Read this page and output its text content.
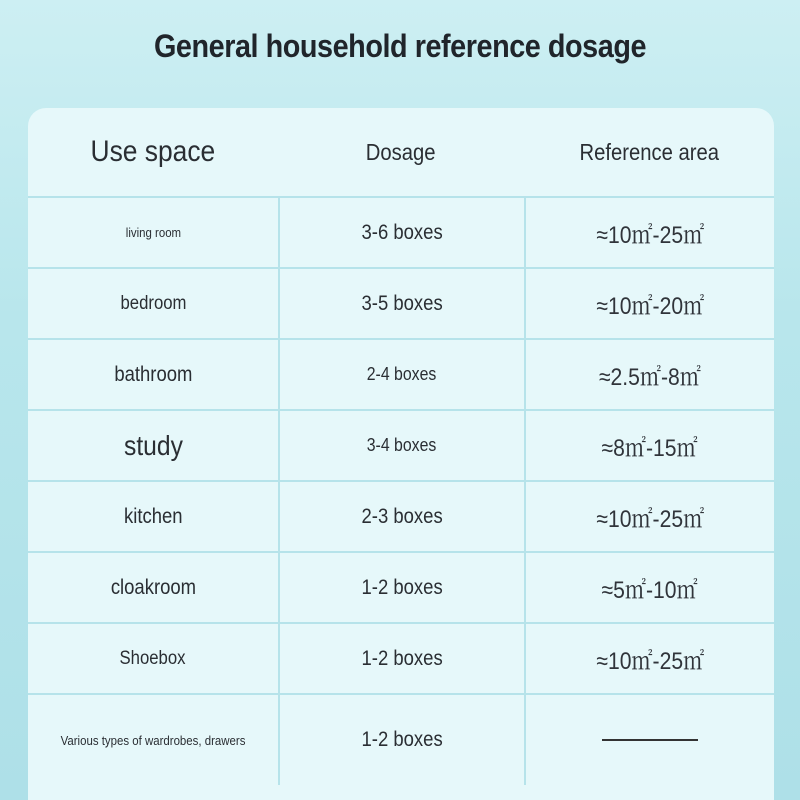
General household reference dosage
Use space	Dosage	Reference area
living room	3-6 boxes	≈10㎡-25㎡
bedroom	3-5 boxes	≈10㎡-20㎡
bathroom	2-4 boxes	≈2.5㎡-8㎡
study	3-4 boxes	≈8㎡-15㎡
kitchen	2-3 boxes	≈10㎡-25㎡
cloakroom	1-2 boxes	≈5㎡-10㎡
Shoebox	1-2 boxes	≈10㎡-25㎡
Various types of wardrobes, drawers	1-2 boxes
